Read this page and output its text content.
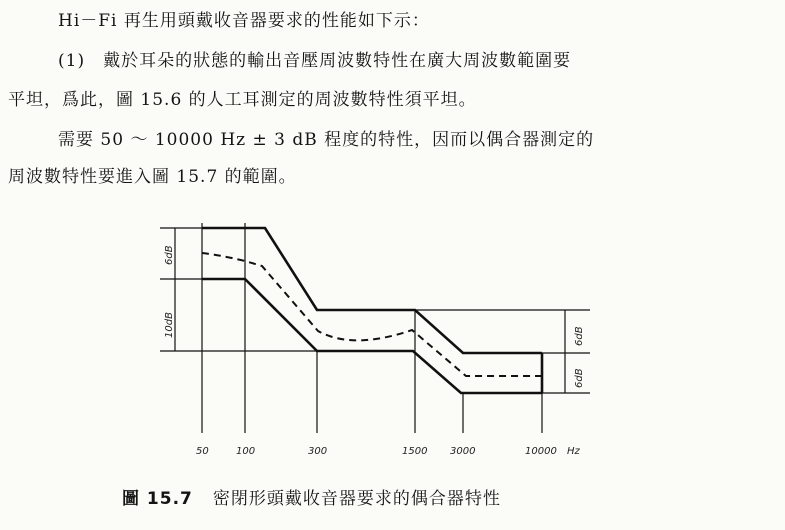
Hi－Fi 再生用頭戴收音器要求的性能如下示：

(1)　戴於耳朵的狀態的輸出音壓周波數特性在廣大周波數範圍要

平坦，爲此，圖 15.6 的人工耳測定的周波數特性須平坦。

需要 50 ～ 10000 Hz ± 3 dB 程度的特性，因而以偶合器測定的

周波數特性要進入圖 15.7 的範圍。

6dB
10dB	6dB
6dB
50	100	300	1500 3000	10000 Hz
圖 15.7 密閉形頭戴收音器要求的偶合器特性
